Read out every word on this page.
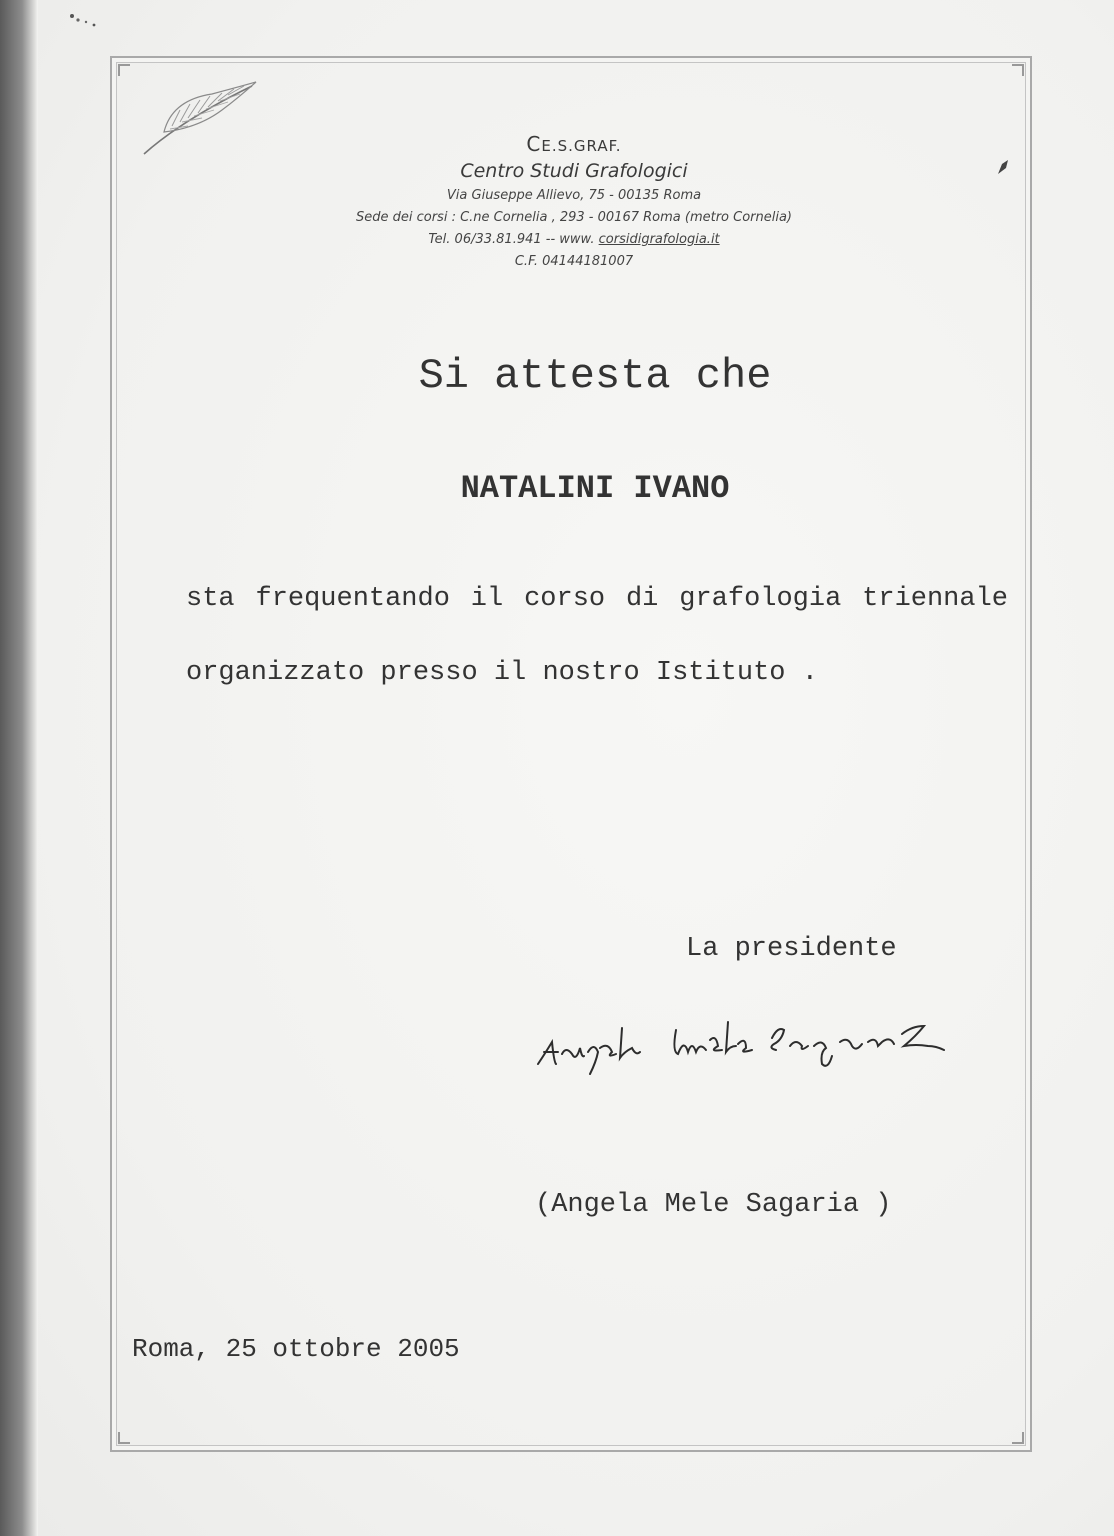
CE.S.GRAF.
Centro Studi Grafologici
Via Giuseppe Allievo, 75 - 00135 Roma
Sede dei corsi : C.ne Cornelia , 293 - 00167 Roma (metro Cornelia)
Tel. 06/33.81.941 -- www. corsidigrafologia.it
C.F. 04144181007
Si attesta che
NATALINI IVANO
sta frequentando il corso di grafologia triennale organizzato presso il nostro Istituto .
La presidente
(Angela Mele Sagaria )
Roma, 25 ottobre 2005
